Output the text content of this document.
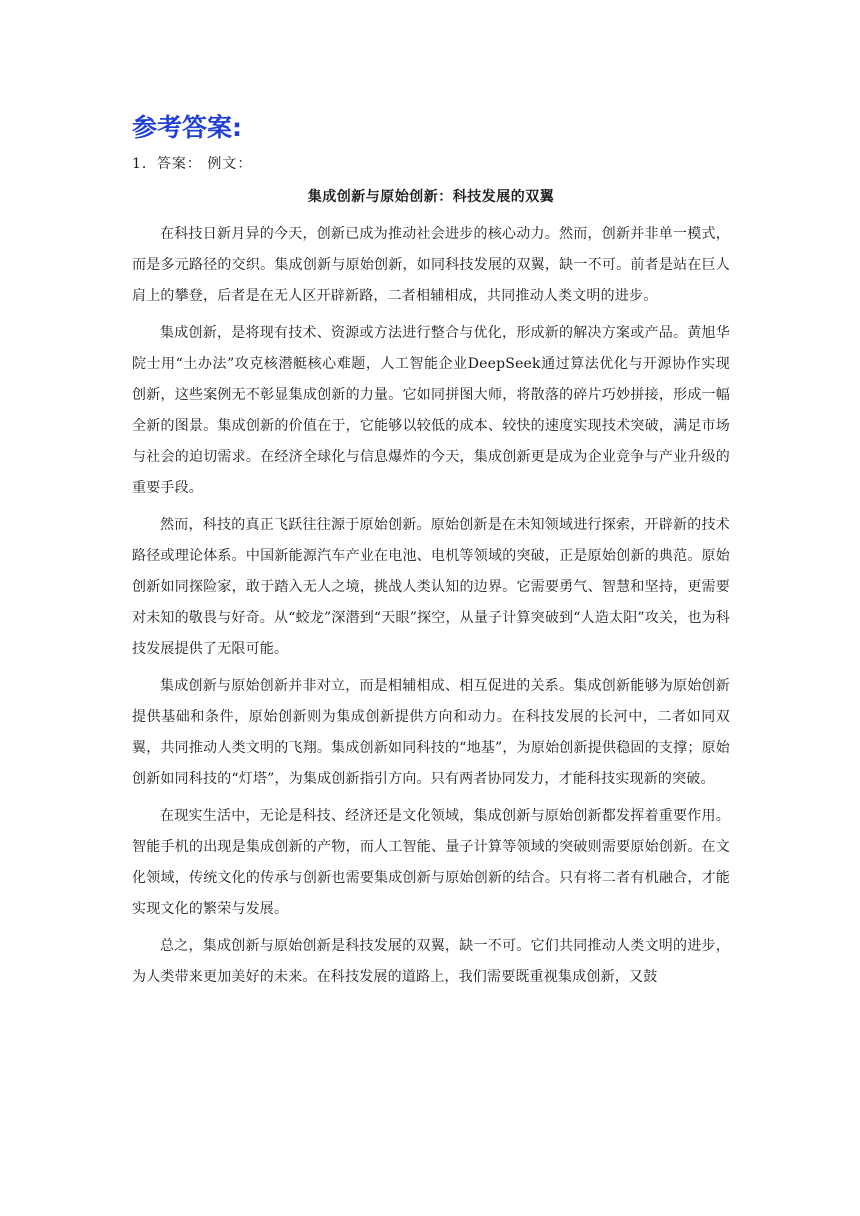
参考答案:

1．答案： 例文：

集成创新与原始创新：科技发展的双翼

在科技日新月异的今天，创新已成为推动社会进步的核心动力。然而，创新并非单一模式，而是多元路径的交织。集成创新与原始创新，如同科技发展的双翼，缺一不可。前者是站在巨人肩上的攀登，后者是在无人区开辟新路，二者相辅相成，共同推动人类文明的进步。

集成创新，是将现有技术、资源或方法进行整合与优化，形成新的解决方案或产品。黄旭华院士用“土办法”攻克核潜艇核心难题，人工智能企业DeepSeek通过算法优化与开源协作实现创新，这些案例无不彰显集成创新的力量。它如同拼图大师，将散落的碎片巧妙拼接，形成一幅全新的图景。集成创新的价值在于，它能够以较低的成本、较快的速度实现技术突破，满足市场与社会的迫切需求。在经济全球化与信息爆炸的今天，集成创新更是成为企业竞争与产业升级的重要手段。

然而，科技的真正飞跃往往源于原始创新。原始创新是在未知领域进行探索，开辟新的技术路径或理论体系。中国新能源汽车产业在电池、电机等领域的突破，正是原始创新的典范。原始创新如同探险家，敢于踏入无人之境，挑战人类认知的边界。它需要勇气、智慧和坚持，更需要对未知的敬畏与好奇。从“蛟龙”深潜到“天眼”探空，从量子计算突破到“人造太阳”攻关，也为科技发展提供了无限可能。

集成创新与原始创新并非对立，而是相辅相成、相互促进的关系。集成创新能够为原始创新提供基础和条件，原始创新则为集成创新提供方向和动力。在科技发展的长河中，二者如同双翼，共同推动人类文明的飞翔。集成创新如同科技的“地基”，为原始创新提供稳固的支撑；原始创新如同科技的“灯塔”，为集成创新指引方向。只有两者协同发力，才能科技实现新的突破。

在现实生活中，无论是科技、经济还是文化领域，集成创新与原始创新都发挥着重要作用。智能手机的出现是集成创新的产物，而人工智能、量子计算等领域的突破则需要原始创新。在文化领域，传统文化的传承与创新也需要集成创新与原始创新的结合。只有将二者有机融合，才能实现文化的繁荣与发展。

总之，集成创新与原始创新是科技发展的双翼，缺一不可。它们共同推动人类文明的进步，为人类带来更加美好的未来。在科技发展的道路上，我们需要既重视集成创新，又鼓
